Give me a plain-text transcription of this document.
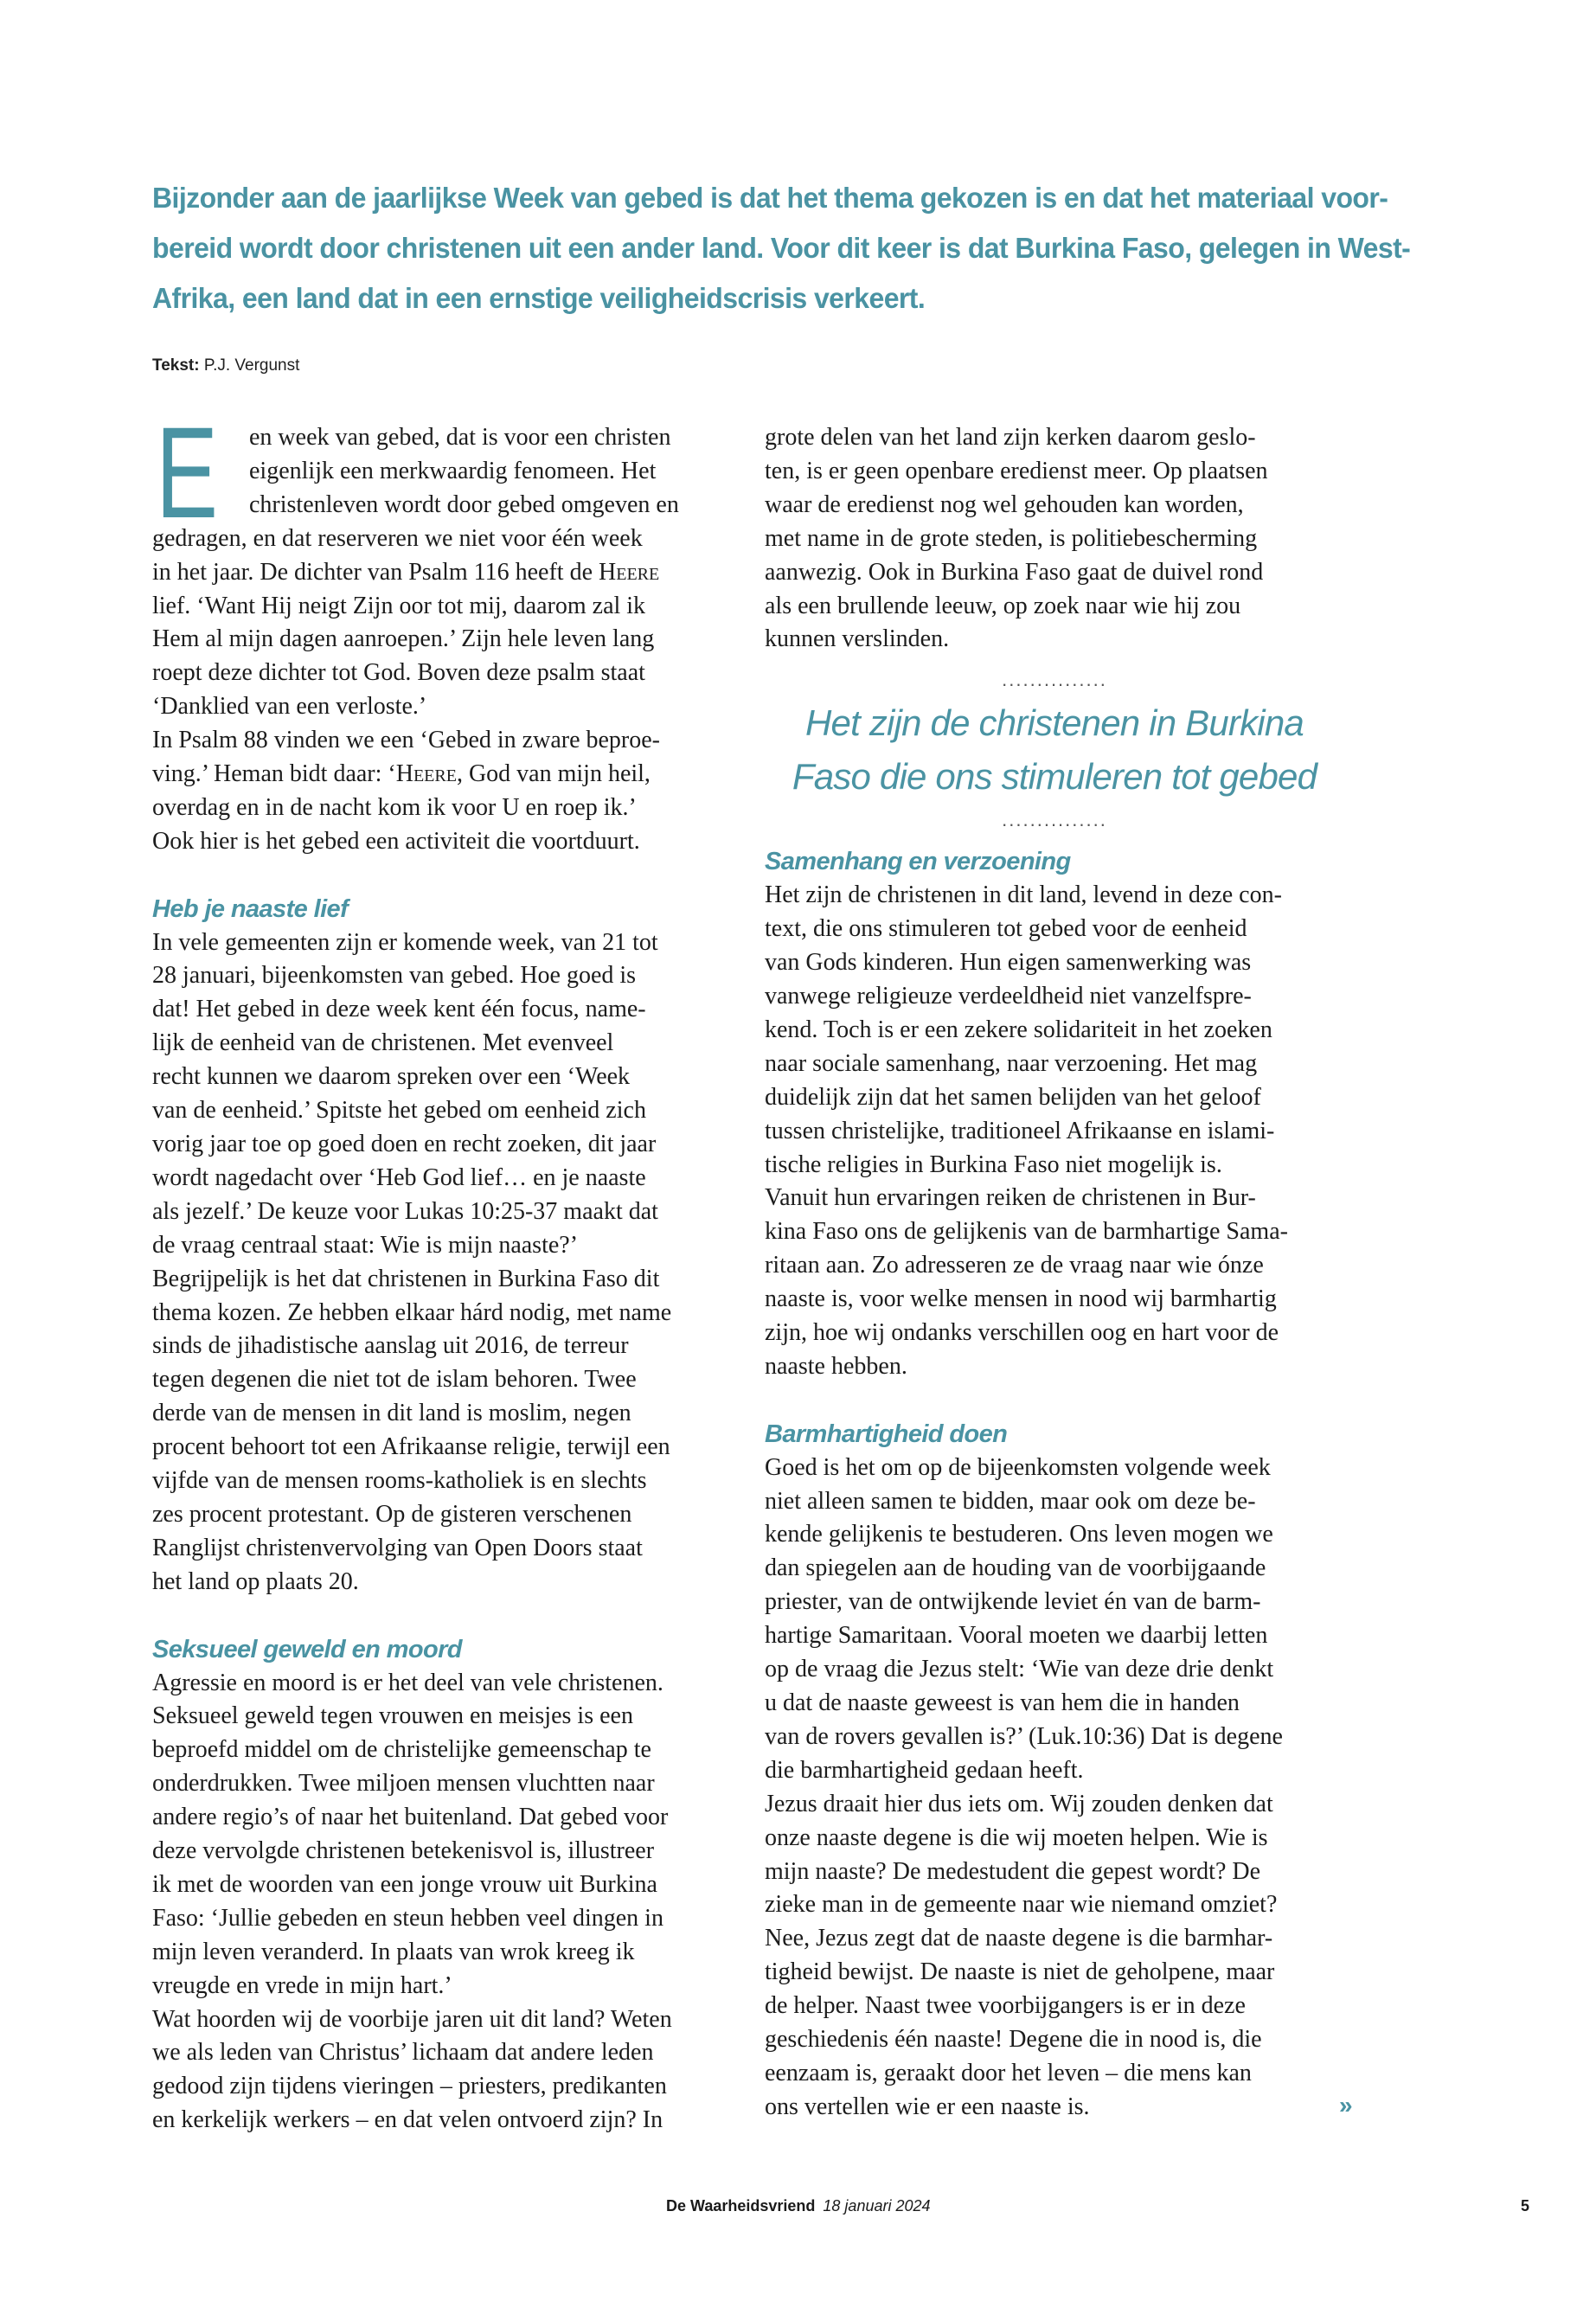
Bijzonder aan de jaarlijkse Week van gebed is dat het thema gekozen is en dat het materiaal voor-
bereid wordt door christenen uit een ander land. Voor dit keer is dat Burkina Faso, gelegen in West-
Afrika, een land dat in een ernstige veiligheidscrisis verkeert.
Tekst: P.J. Vergunst
E	en week van gebed, dat is voor een christen
eigenlijk een merkwaardig fenomeen. Het
christenleven wordt door gebed omgeven en
gedragen, en dat reserveren we niet voor één week
in het jaar. De dichter van Psalm 116 heeft de Heere
lief. ‘Want Hij neigt Zijn oor tot mij, daarom zal ik
Hem al mijn dagen aanroepen.’ Zijn hele leven lang
roept deze dichter tot God. Boven deze psalm staat
‘Danklied van een verloste.’
In Psalm 88 vinden we een ‘Gebed in zware beproe-
ving.’ Heman bidt daar: ‘Heere, God van mijn heil,
overdag en in de nacht kom ik voor U en roep ik.’
Ook hier is het gebed een activiteit die voortduurt.
Heb je naaste lief
In vele gemeenten zijn er komende week, van 21 tot
28 januari, bijeenkomsten van gebed. Hoe goed is
dat! Het gebed in deze week kent één focus, name-
lijk de eenheid van de christenen. Met evenveel
recht kunnen we daarom spreken over een ‘Week
van de eenheid.’ Spitste het gebed om eenheid zich
vorig jaar toe op goed doen en recht zoeken, dit jaar
wordt nagedacht over ‘Heb God lief… en je naaste
als jezelf.’ De keuze voor Lukas 10:25-37 maakt dat
de vraag centraal staat: Wie is mijn naaste?’
Begrijpelijk is het dat christenen in Burkina Faso dit
thema kozen. Ze hebben elkaar hárd nodig, met name
sinds de jihadistische aanslag uit 2016, de terreur
tegen degenen die niet tot de islam behoren. Twee
derde van de mensen in dit land is moslim, negen
procent behoort tot een Afrikaanse religie, terwijl een
vijfde van de mensen rooms-katholiek is en slechts
zes procent protestant. Op de gisteren verschenen
Ranglijst christenvervolging van Open Doors staat
het land op plaats 20.
Seksueel geweld en moord
Agressie en moord is er het deel van vele christenen.
Seksueel geweld tegen vrouwen en meisjes is een
beproefd middel om de christelijke gemeenschap te
onderdrukken. Twee miljoen mensen vluchtten naar
andere regio’s of naar het buitenland. Dat gebed voor
deze vervolgde christenen betekenisvol is, illustreer
ik met de woorden van een jonge vrouw uit Burkina
Faso: ‘Jullie gebeden en steun hebben veel dingen in
mijn leven veranderd. In plaats van wrok kreeg ik
vreugde en vrede in mijn hart.’
Wat hoorden wij de voorbije jaren uit dit land? Weten
we als leden van Christus’ lichaam dat andere leden
gedood zijn tijdens vieringen – priesters, predikanten
en kerkelijk werkers – en dat velen ontvoerd zijn? In
grote delen van het land zijn kerken daarom geslo-
ten, is er geen openbare eredienst meer. Op plaatsen
waar de eredienst nog wel gehouden kan worden,
met name in de grote steden, is politiebescherming
aanwezig. Ook in Burkina Faso gaat de duivel rond
als een brullende leeuw, op zoek naar wie hij zou
kunnen verslinden.
...............
Het zijn de christenen in Burkina
Faso die ons stimuleren tot gebed
...............
Samenhang en verzoening
Het zijn de christenen in dit land, levend in deze con-
text, die ons stimuleren tot gebed voor de eenheid
van Gods kinderen. Hun eigen samenwerking was
vanwege religieuze verdeeldheid niet vanzelfspre-
kend. Toch is er een zekere solidariteit in het zoeken
naar sociale samenhang, naar verzoening. Het mag
duidelijk zijn dat het samen belijden van het geloof
tussen christelijke, traditioneel Afrikaanse en islami-
tische religies in Burkina Faso niet mogelijk is.
Vanuit hun ervaringen reiken de christenen in Bur-
kina Faso ons de gelijkenis van de barmhartige Sama-
ritaan aan. Zo adresseren ze de vraag naar wie ónze
naaste is, voor welke mensen in nood wij barmhartig
zijn, hoe wij ondanks verschillen oog en hart voor de
naaste hebben.
Barmhartigheid doen
Goed is het om op de bijeenkomsten volgende week
niet alleen samen te bidden, maar ook om deze be-
kende gelijkenis te bestuderen. Ons leven mogen we
dan spiegelen aan de houding van de voorbijgaande
priester, van de ontwijkende leviet én van de barm-
hartige Samaritaan. Vooral moeten we daarbij letten
op de vraag die Jezus stelt: ‘Wie van deze drie denkt
u dat de naaste geweest is van hem die in handen
van de rovers gevallen is?’ (Luk.10:36) Dat is degene
die barmhartigheid gedaan heeft.
Jezus draait hier dus iets om. Wij zouden denken dat
onze naaste degene is die wij moeten helpen. Wie is
mijn naaste? De medestudent die gepest wordt? De
zieke man in de gemeente naar wie niemand omziet?
Nee, Jezus zegt dat de naaste degene is die barmhar-
tigheid bewijst. De naaste is niet de geholpene, maar
de helper. Naast twee voorbijgangers is er in deze
geschiedenis één naaste! Degene die in nood is, die
eenzaam is, geraakt door het leven – die mens kan
ons vertellen wie er een naaste is.	»
De Waarheidsvriend 18 januari 2024	5
